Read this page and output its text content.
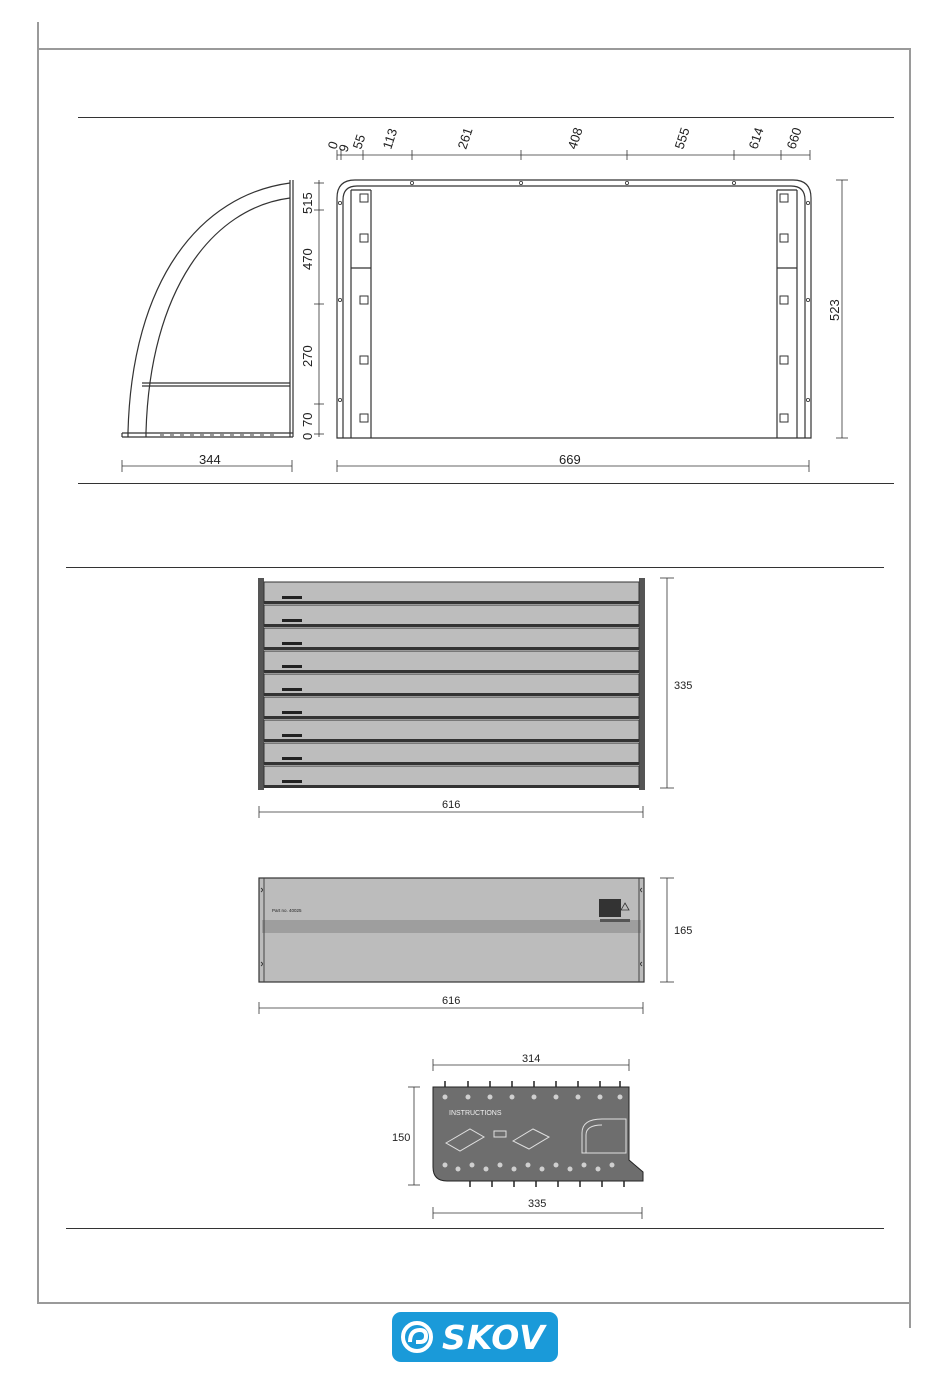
515
470
270
0
70
344
0
9
55 113	261	408	555	614 660
523
669
335
616
Part no. 40025
165
616
314
150
INSTRUCTIONS
335
SKOV
